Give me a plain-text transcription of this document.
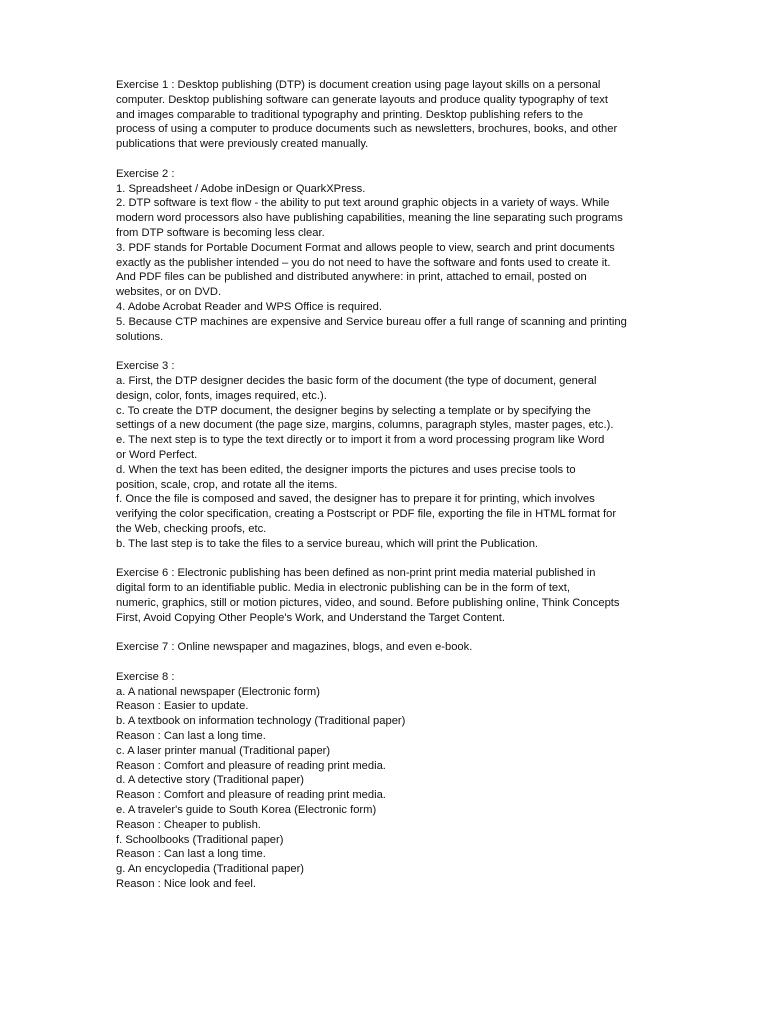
Exercise 1 : Desktop publishing (DTP) is document creation using page layout skills on a personal
computer. Desktop publishing software can generate layouts and produce quality typography of text
and images comparable to traditional typography and printing. Desktop publishing refers to the
process of using a computer to produce documents such as newsletters, brochures, books, and other
publications that were previously created manually.
Exercise 2 :
1. Spreadsheet / Adobe inDesign or QuarkXPress.
2. DTP software is text flow - the ability to put text around graphic objects in a variety of ways. While
modern word processors also have publishing capabilities, meaning the line separating such programs
from DTP software is becoming less clear.
3. PDF stands for Portable Document Format and allows people to view, search and print documents
exactly as the publisher intended – you do not need to have the software and fonts used to create it.
And PDF files can be published and distributed anywhere: in print, attached to email, posted on
websites, or on DVD.
4. Adobe Acrobat Reader and WPS Office is required.
5. Because CTP machines are expensive and Service bureau offer a full range of scanning and printing
solutions.
Exercise 3 :
a. First, the DTP designer decides the basic form of the document (the type of document, general
design, color, fonts, images required, etc.).
c. To create the DTP document, the designer begins by selecting a template or by specifying the
settings of a new document (the page size, margins, columns, paragraph styles, master pages, etc.).
e. The next step is to type the text directly or to import it from a word processing program like Word
or Word Perfect.
d. When the text has been edited, the designer imports the pictures and uses precise tools to
position, scale, crop, and rotate all the items.
f. Once the file is composed and saved, the designer has to prepare it for printing, which involves
verifying the color specification, creating a Postscript or PDF file, exporting the file in HTML format for
the Web, checking proofs, etc.
b. The last step is to take the files to a service bureau, which will print the Publication.
Exercise 6 : Electronic publishing has been defined as non-print print media material published in
digital form to an identifiable public. Media in electronic publishing can be in the form of text,
numeric, graphics, still or motion pictures, video, and sound. Before publishing online, Think Concepts
First, Avoid Copying Other People's Work, and Understand the Target Content.
Exercise 7 : Online newspaper and magazines, blogs, and even e-book.
Exercise 8 :
a. A national newspaper (Electronic form)
Reason : Easier to update.
b. A textbook on information technology (Traditional paper)
Reason : Can last a long time.
c. A laser printer manual (Traditional paper)
Reason : Comfort and pleasure of reading print media.
d. A detective story (Traditional paper)
Reason : Comfort and pleasure of reading print media.
e. A traveler's guide to South Korea (Electronic form)
Reason : Cheaper to publish.
f. Schoolbooks (Traditional paper)
Reason : Can last a long time.
g. An encyclopedia (Traditional paper)
Reason : Nice look and feel.
